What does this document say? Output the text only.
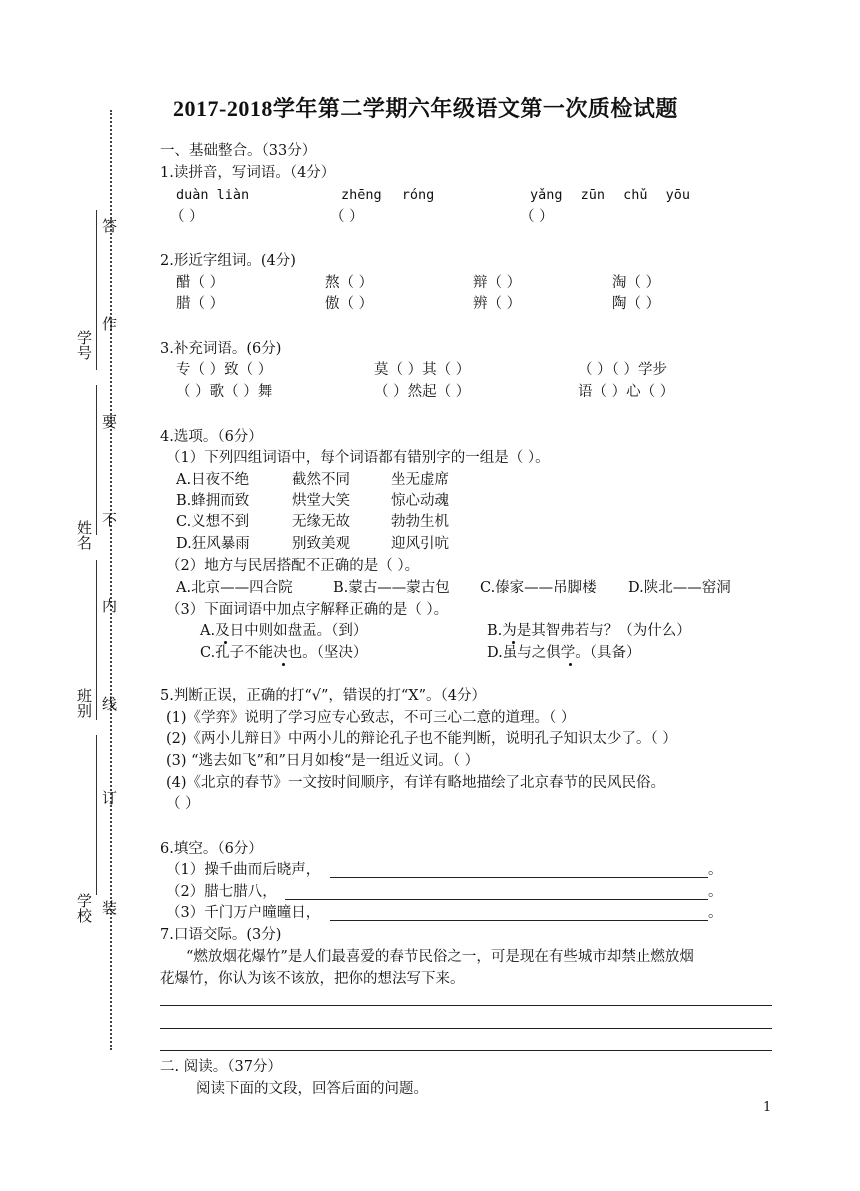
2017-2018学年第二学期六年级语文第一次质检试题
学号
姓名
班别
学校
答
作
要
不
内
线
订
装
一、基础整合。（33分）
1.读拼音，写词语。（4分）
duàn liàn	zhēng róng	yǎng zūn chǔ yōu
（ ）	（ ）	（ ）
2.形近字组词。(4分)
醋（ ）	熬（ ）	辩（ ）	淘（ ）
腊（ ）	傲（ ）	辨（ ）	陶（ ）
3.补充词语。(6分)
专（ ）致（ ）	莫（ ）其（ ）	（ ）（ ）学步
（ ）歌（ ）舞	（ ）然起（ ）	语（ ）心（ ）
4.选项。（6分）
（1）下列四组词语中，每个词语都有错别字的一组是（ ）。
A.日夜不绝	截然不同	坐无虚席
B.蜂拥而致	烘堂大笑	惊心动魂
C.义想不到	无缘无故	勃勃生机
D.狂风暴雨	别致美观	迎风引吭
（2）地方与民居搭配不正确的是（ ）。
A.北京——四合院	B.蒙古——蒙古包 C.傣家——吊脚楼 D.陕北——窑洞
（3）下面词语中加点字解释正确的是（ ）。
A.及日中则如盘盂。（到）	B.为是其智弗若与？（为什么）
C.孔子不能决也。（坚决）	D.虽与之俱学。（具备）
5.判断正误，正确的打“√”，错误的打“X”。（4分）
(1)《学弈》说明了学习应专心致志，不可三心二意的道理。（ ）
(2)《两小儿辩日》中两小儿的辩论孔子也不能判断，说明孔子知识太少了。（ ）
(3) “逃去如飞”和”日月如梭“是一组近义词。（ ）
(4)《北京的春节》一文按时间顺序，有详有略地描绘了北京春节的民风民俗。
（ ）
6.填空。（6分）
（1）操千曲而后晓声，	。
（2）腊七腊八，	。
（3）千门万户曈曈日，	。
7.口语交际。(3分)
“燃放烟花爆竹”是人们最喜爱的春节民俗之一，可是现在有些城市却禁止燃放烟
花爆竹，你认为该不该放，把你的想法写下来。
二. 阅读。（37分）
阅读下面的文段，回答后面的问题。
1
